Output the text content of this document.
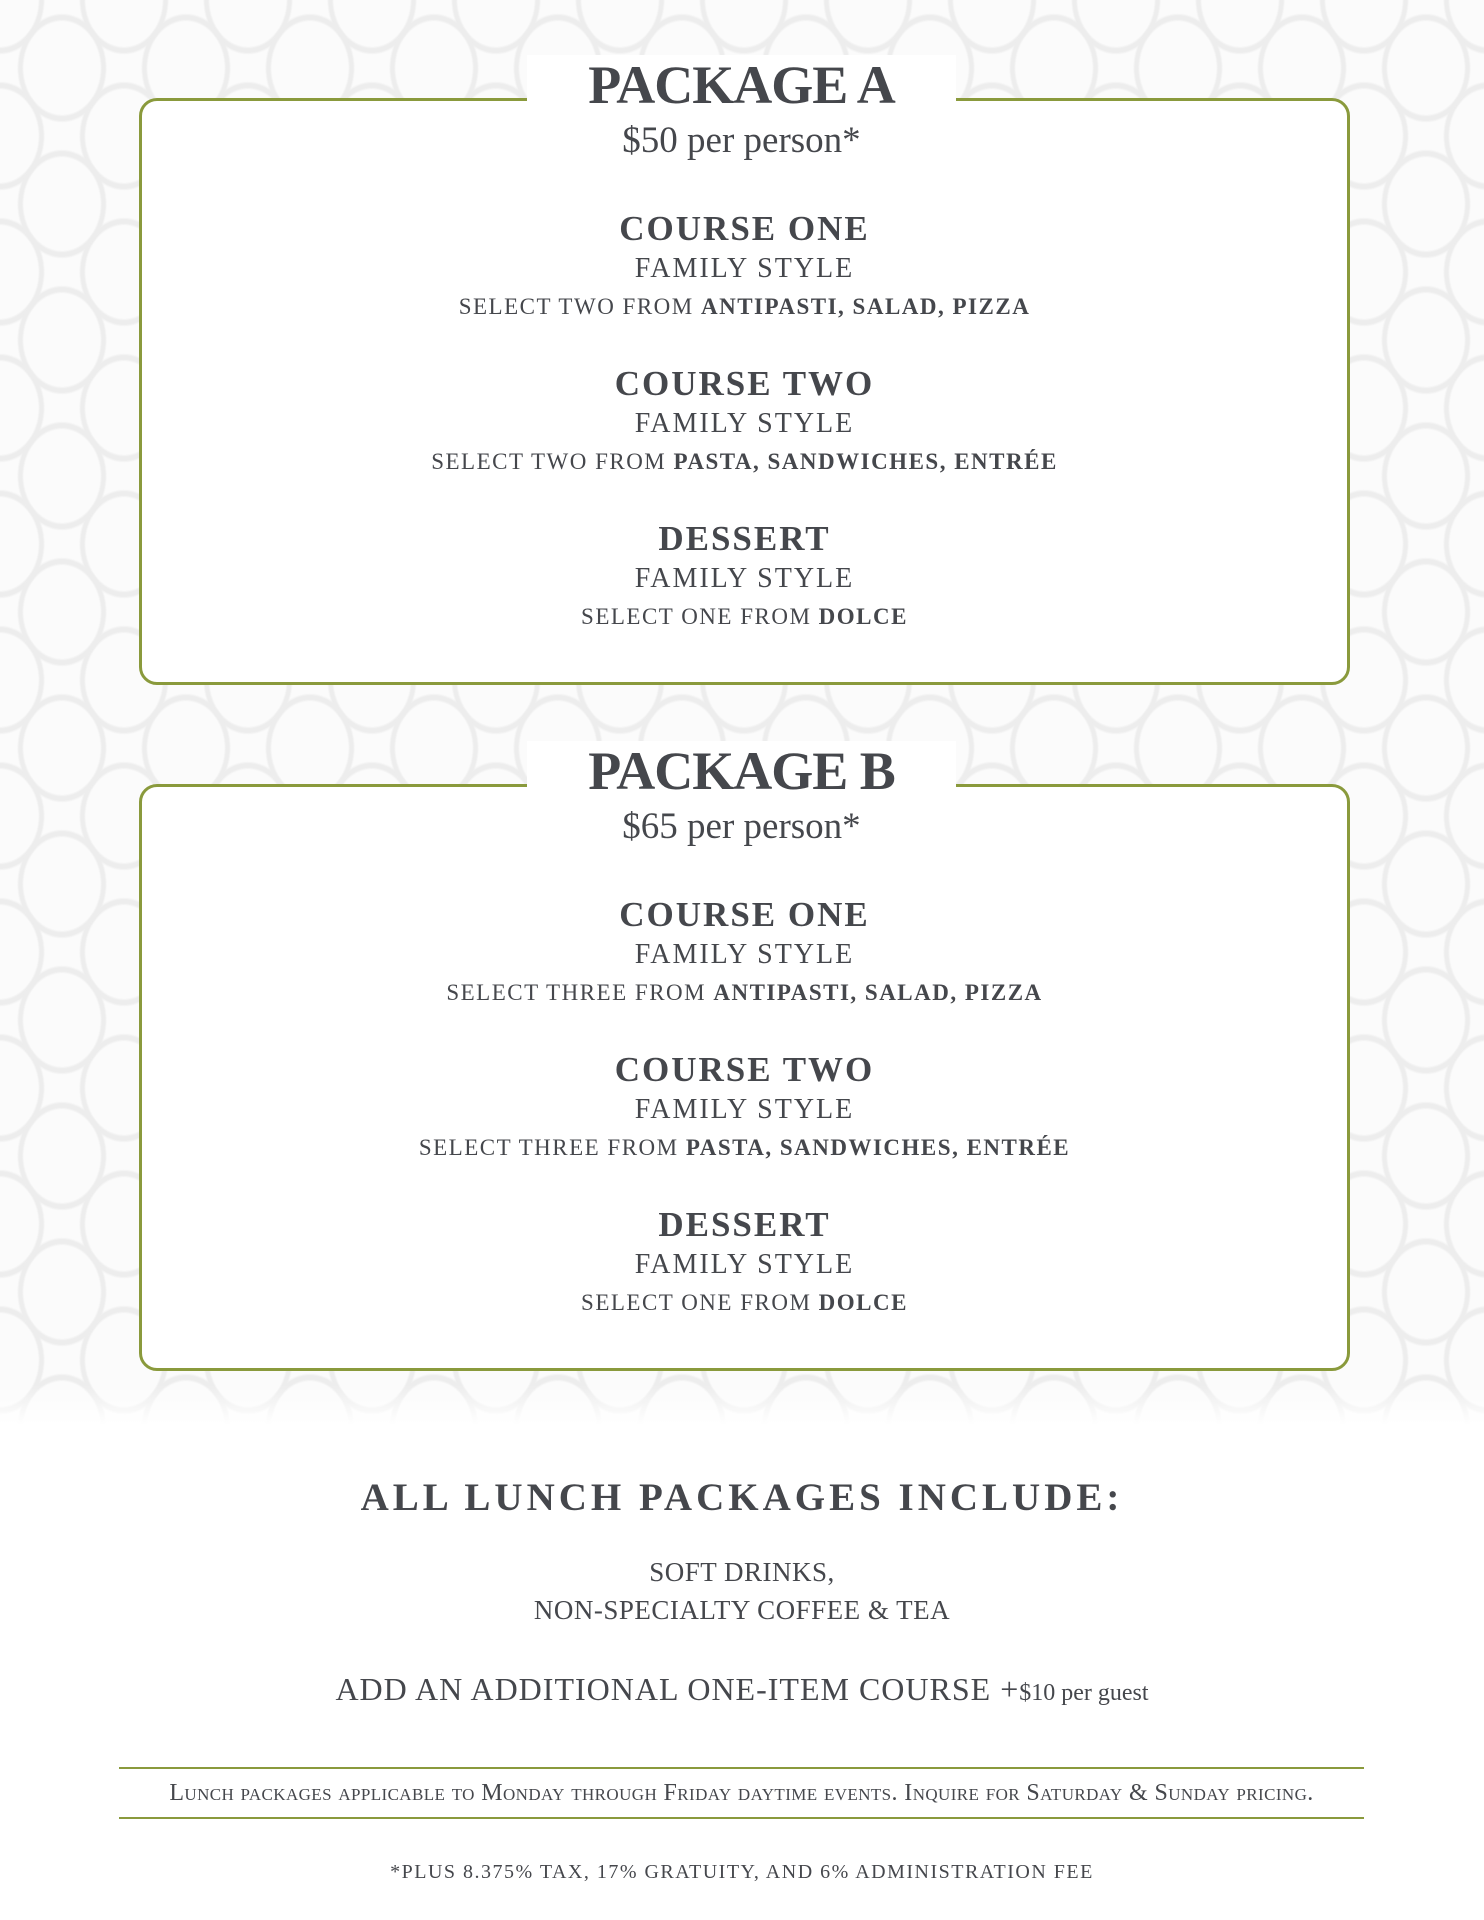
PACKAGE A
$50 per person*
COURSE ONE
FAMILY STYLE
SELECT TWO FROM ANTIPASTI, SALAD, PIZZA
COURSE TWO
FAMILY STYLE
SELECT TWO FROM PASTA, SANDWICHES, ENTRÉE
DESSERT
FAMILY STYLE
SELECT ONE FROM DOLCE
PACKAGE B
$65 per person*
COURSE ONE
FAMILY STYLE
SELECT THREE FROM ANTIPASTI, SALAD, PIZZA
COURSE TWO
FAMILY STYLE
SELECT THREE FROM PASTA, SANDWICHES, ENTRÉE
DESSERT
FAMILY STYLE
SELECT ONE FROM DOLCE
ALL LUNCH PACKAGES INCLUDE:
SOFT DRINKS,
NON-SPECIALTY COFFEE & TEA
ADD AN ADDITIONAL ONE-ITEM COURSE +$10 per guest
Lunch packages applicable to Monday through Friday daytime events. Inquire for Saturday & Sunday pricing.
*PLUS 8.375% TAX, 17% GRATUITY, AND 6% ADMINISTRATION FEE
